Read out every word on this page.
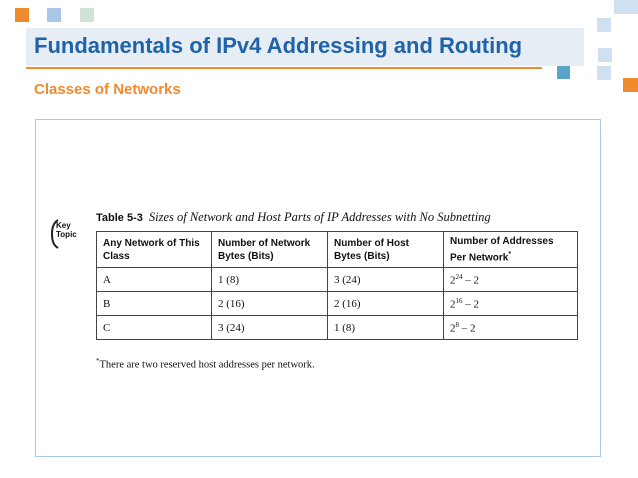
Fundamentals of IPv4 Addressing and Routing
Classes of Networks
Key
Topic
Table 5-3 Sizes of Network and Host Parts of IP Addresses with No Subnetting
Any Network of This Class	Number of Network Bytes (Bits)	Number of Host Bytes (Bits)	Number of Addresses Per Network*
A	1 (8)	3 (24)	$2^{24} - 2$
B	2 (16)	2 (16)	$2^{16} - 2$
C	3 (24)	1 (8)	$2^8 - 2$
*There are two reserved host addresses per network.
